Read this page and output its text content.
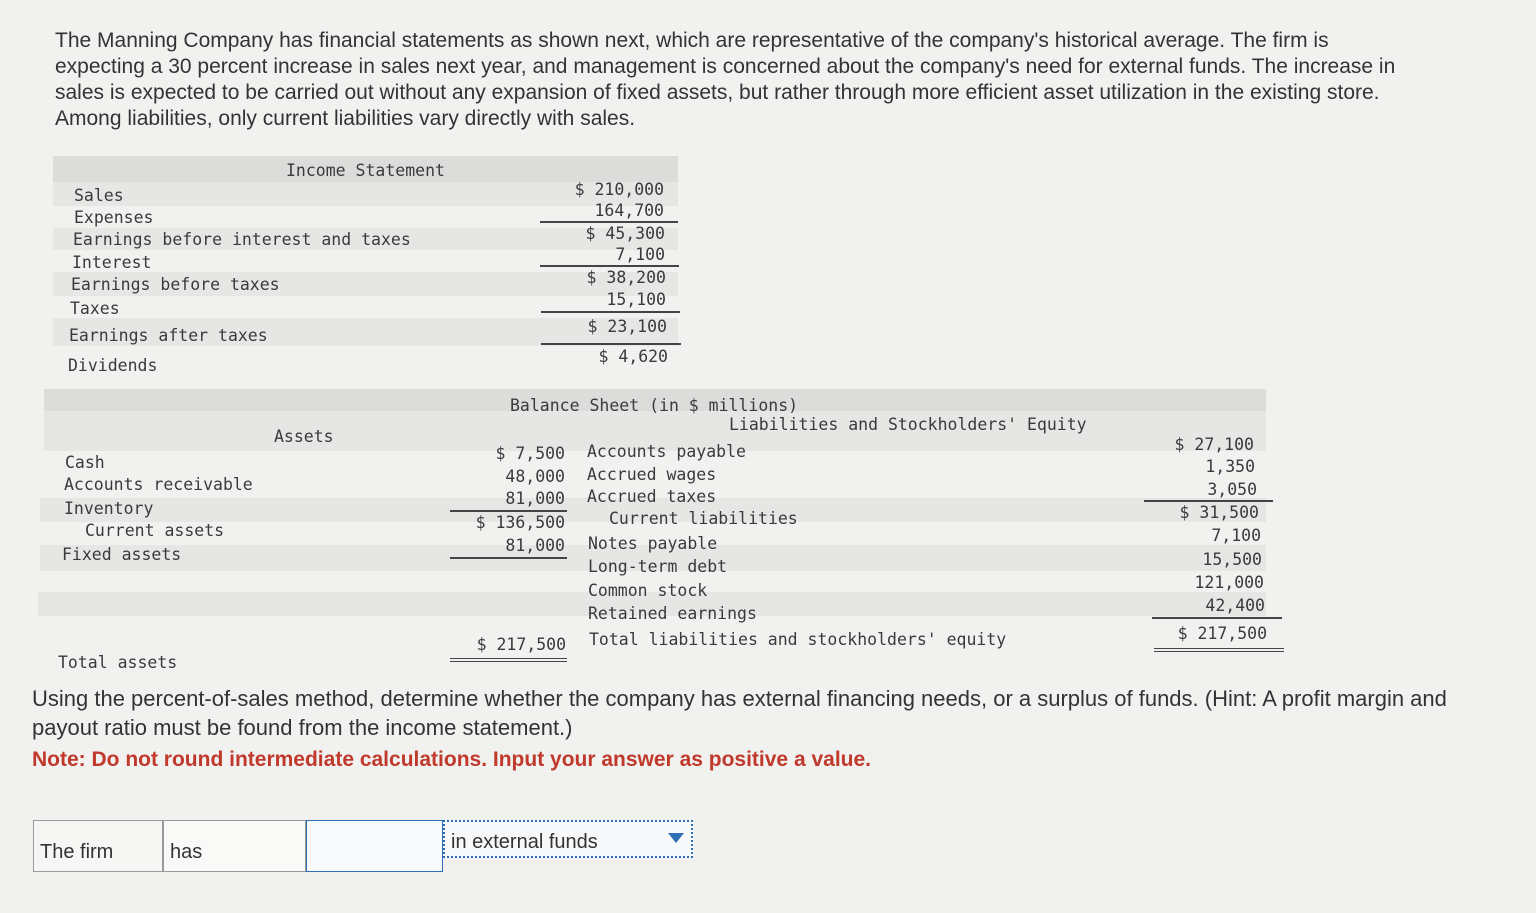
The Manning Company has financial statements as shown next, which are representative of the company's historical average. The firm is expecting a 30 percent increase in sales next year, and management is concerned about the company's need for external funds. The increase in sales is expected to be carried out without any expansion of fixed assets, but rather through more efficient asset utilization in the existing store. Among liabilities, only current liabilities vary directly with sales.
Income Statement
Sales
Expenses
Earnings before interest and taxes
Interest
Earnings before taxes
Taxes
Earnings after taxes
Dividends
$ 210,000
164,700
$ 45,300
7,100
$ 38,200
15,100
$ 23,100
$ 4,620
Balance Sheet (in $ millions)
Assets
Liabilities and Stockholders' Equity
Cash
Accounts receivable
Inventory
Current assets
Fixed assets
Total assets
$ 7,500
48,000
81,000
$ 136,500
81,000
$ 217,500
Accounts payable
Accrued wages
Accrued taxes
Current liabilities
Notes payable
Long-term debt
Common stock
Retained earnings
Total liabilities and stockholders' equity
$ 27,100
1,350
3,050
$ 31,500
7,100
15,500
121,000
42,400
$ 217,500
Using the percent-of-sales method, determine whether the company has external financing needs, or a surplus of funds. (Hint: A profit margin and payout ratio must be found from the income statement.)
Note: Do not round intermediate calculations. Input your answer as positive a value.
The firm	has	in external funds
